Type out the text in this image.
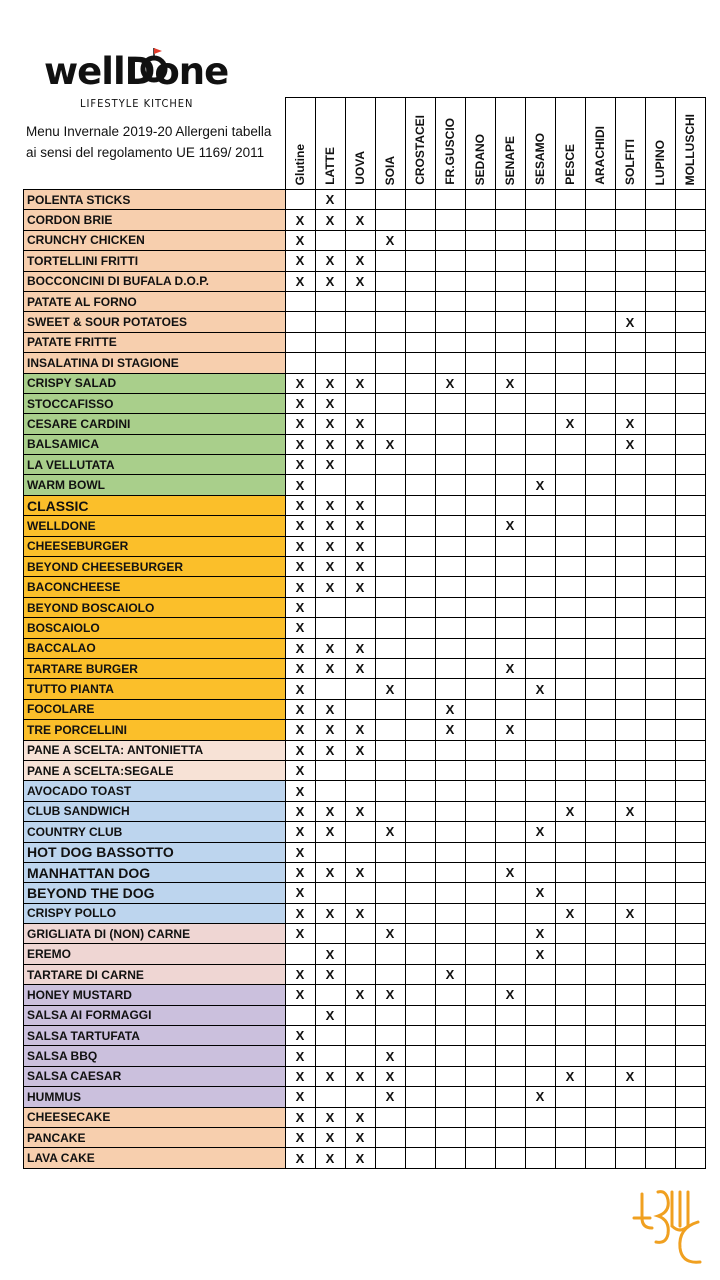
wellDone
LIFESTYLE KITCHEN
Menu Invernale 2019-20 Allergeni tabella ai sensi del regolamento UE 1169/ 2011

	Glutine	LATTE	UOVA	SOIA	CROSTACEI	FR.GUSCIO	SEDANO	SENAPE	SESAMO	PESCE	ARACHIDI	SOLFITI	LUPINO	MOLLUSCHI

POLENTA STICKS		X												
CORDON BRIE	X	X	X											
CRUNCHY CHICKEN	X			X										
TORTELLINI FRITTI	X	X	X											
BOCCONCINI DI BUFALA D.O.P.	X	X	X											
PATATE AL FORNO														
SWEET & SOUR POTATOES												X		
PATATE FRITTE														
INSALATINA DI STAGIONE														
CRISPY SALAD	X	X	X			X		X						
STOCCAFISSO	X	X												
CESARE CARDINI	X	X	X							X		X		
BALSAMICA	X	X	X	X								X		
LA VELLUTATA	X	X												
WARM BOWL	X								X					
CLASSIC	X	X	X											
WELLDONE	X	X	X					X						
CHEESEBURGER	X	X	X											
BEYOND CHEESEBURGER	X	X	X											
BACONCHEESE	X	X	X											
BEYOND BOSCAIOLO	X													
BOSCAIOLO	X													
BACCALAO	X	X	X											
TARTARE BURGER	X	X	X					X						
TUTTO PIANTA	X			X					X					
FOCOLARE	X	X				X								
TRE PORCELLINI	X	X	X			X		X						
PANE A SCELTA: ANTONIETTA	X	X	X											
PANE A SCELTA:SEGALE	X													
AVOCADO TOAST	X													
CLUB SANDWICH	X	X	X							X		X		
COUNTRY CLUB	X	X		X					X					
HOT DOG BASSOTTO	X													
MANHATTAN DOG	X	X	X					X						
BEYOND THE DOG	X								X					
CRISPY POLLO	X	X	X							X		X		
GRIGLIATA DI (NON) CARNE	X			X					X					
EREMO		X							X					
TARTARE DI CARNE	X	X				X								
HONEY MUSTARD	X		X	X				X						
SALSA AI FORMAGGI		X												
SALSA TARTUFATA	X													
SALSA BBQ	X			X										
SALSA CAESAR	X	X	X	X						X		X		
HUMMUS	X			X					X					
CHEESECAKE	X	X	X											
PANCAKE	X	X	X											
LAVA CAKE	X	X	X											
